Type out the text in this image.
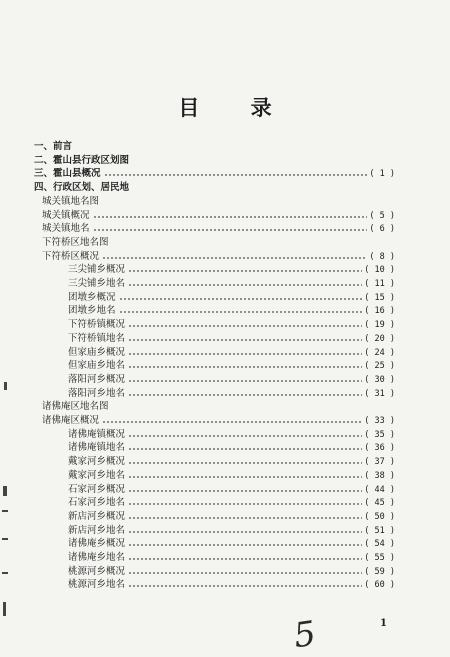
目 录
一、前言
二、霍山县行政区划图
三、霍山县概况	( 1 )
四、行政区划、居民地
城关镇地名图
城关镇概况	( 5 )
城关镇地名	( 6 )
下符桥区地名图
下符桥区概况	( 8 )
三尖铺乡概况	( 10 )
三尖铺乡地名	( 11 )
团墩乡概况	( 15 )
团墩乡地名	( 16 )
下符桥镇概况	( 19 )
下符桥镇地名	( 20 )
但家庙乡概况	( 24 )
但家庙乡地名	( 25 )
落阳河乡概况	( 30 )
落阳河乡地名	( 31 )
诸佛庵区地名图
诸佛庵区概况	( 33 )
诸佛庵镇概况	( 35 )
诸佛庵镇地名	( 36 )
戴家河乡概况	( 37 )
戴家河乡地名	( 38 )
石家河乡概况	( 44 )
石家河乡地名	( 45 )
新店河乡概况	( 50 )
新店河乡地名	( 51 )
诸佛庵乡概况	( 54 )
诸佛庵乡地名	( 55 )
桃源河乡概况	( 59 )
桃源河乡地名	( 60 )
5	1
